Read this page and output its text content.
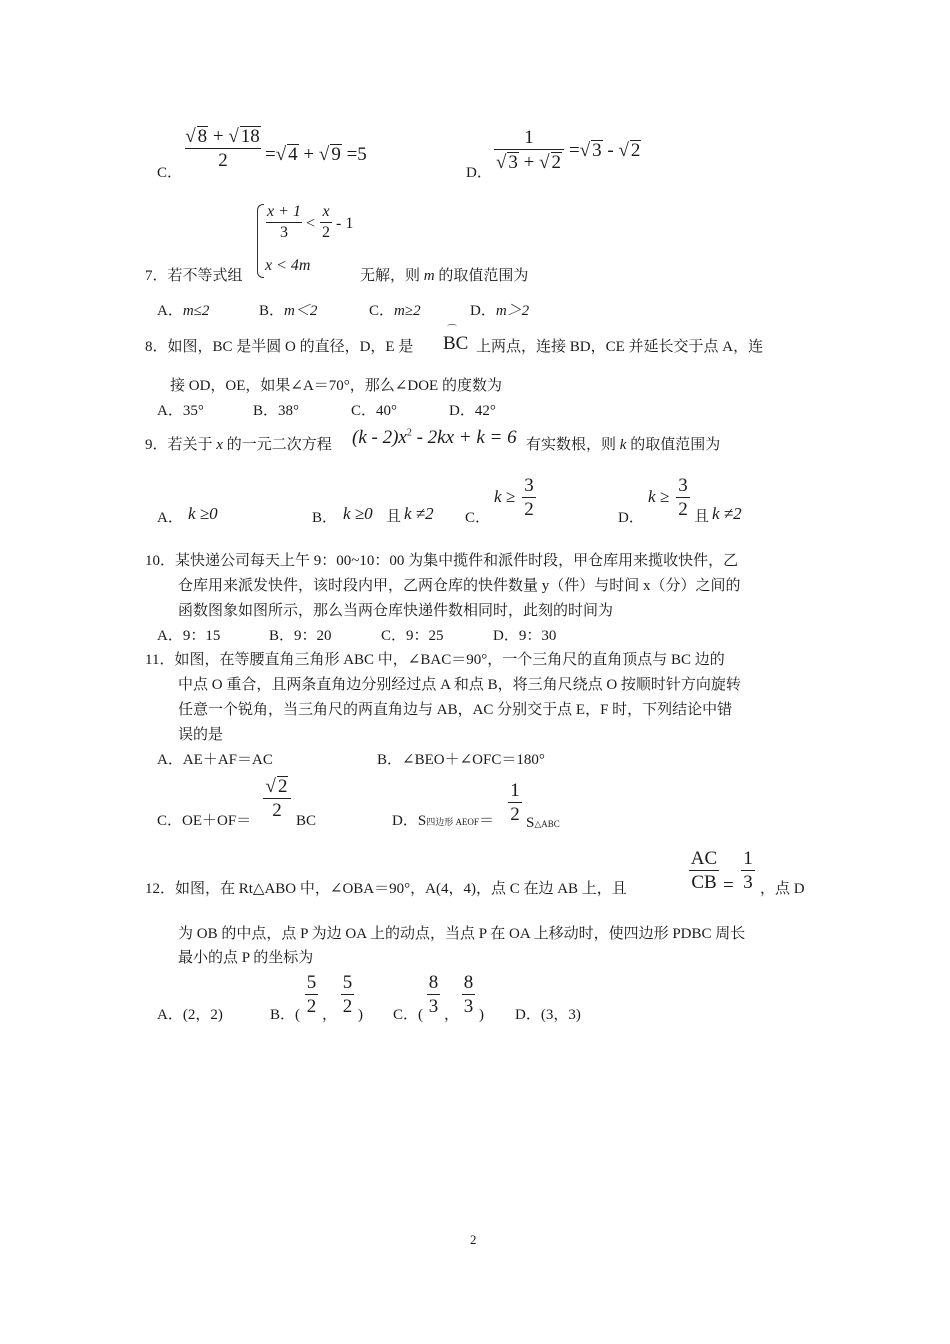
C．
√ 8 + √ 18
2	=√ 4 + √ 9 =5
D．
1
√ 3 + √ 2
=√ 3 - √ 2
x + 1
3
<
x
2
- 1
x < 4m
7．若不等式组	无解，则 m 的取值范围为
A．m≤2	B．m＜2	C．m≥2	D．m＞2
8．如图，BC 是半圆 O 的直径，D，E 是
⌒
BC 上两点，连接 BD，CE 并延长交于点 A，连
接 OD，OE，如果∠A＝70°，那么∠DOE 的度数为
A．35°	B．38°	C．40°	D．42°
9．若关于 x 的一元二次方程 $(k - 2)x^2 - 2kx + k = 6$ 有实数根，则 k 的取值范围为
A． k ≥0	B． k ≥0 且 k ≠2 C．
k ≥
3
2	D．
k ≥
3
2 且 k ≠2
10．某快递公司每天上午 9：00~10：00 为集中揽件和派件时段，甲仓库用来揽收快件，乙
仓库用来派发快件，该时段内甲，乙两仓库的快件数量 y（件）与时间 x（分）之间的
函数图象如图所示，那么当两仓库快递件数相同时，此刻的时间为
A．9：15	B．9：20	C．9：25	D．9：30
11．如图，在等腰直角三角形 ABC 中，∠BAC＝90°，一个三角尺的直角顶点与 BC 边的
中点 O 重合，且两条直角边分别经过点 A 和点 B，将三角尺绕点 O 按顺时针方向旋转
任意一个锐角，当三角尺的两直角边与 AB，AC 分别交于点 E，F 时，下列结论中错
误的是
A．AE＋AF＝AC	B．∠BEO＋∠OFC＝180°
C．OE＋OF＝
√ 2
2 BC	D．S四边形 AEOF＝
1
2 S△ABC
12．如图，在 Rt△ABO 中，∠OBA＝90°，A(4，4)，点 C 在边 AB 上，且
AC
CB =
1
3 ，点 D
为 OB 的中点，点 P 为边 OA 上的动点，当点 P 在 OA 上移动时，使四边形 PDBC 周长
最小的点 P 的坐标为
A．(2，2)	B．(
5
2 ，
5
2 ) C．(
8
3 ，
8
3 ) D．(3，3)
2
